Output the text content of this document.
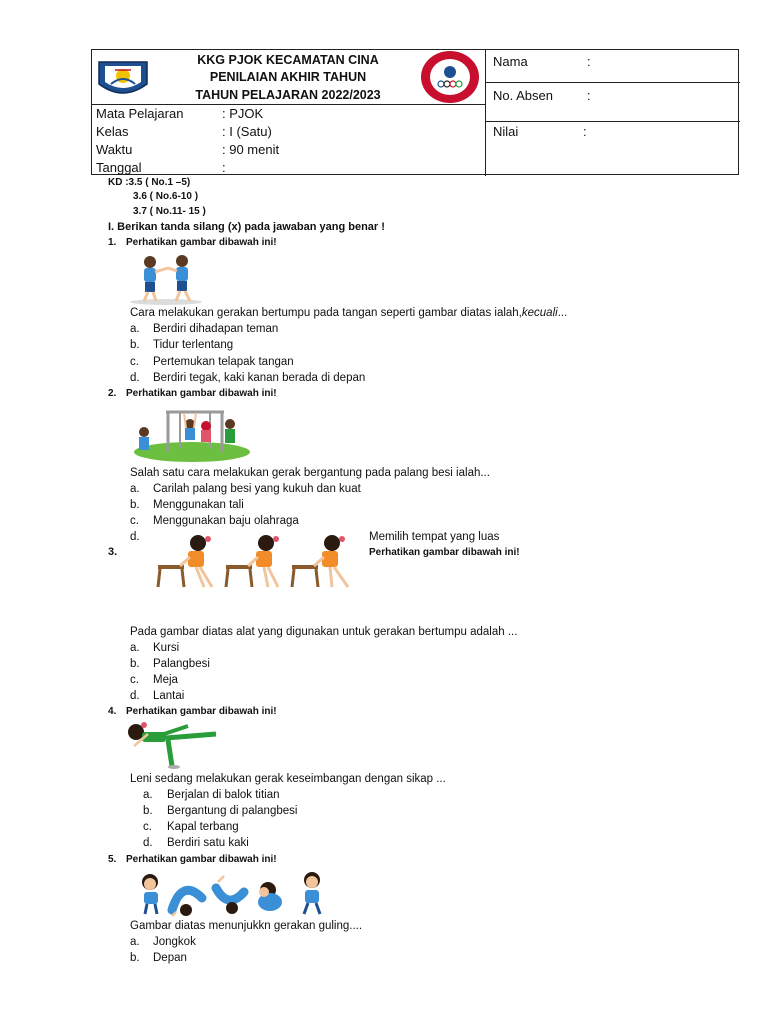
KKG PJOK KECAMATAN CINA
PENILAIAN AKHIR TAHUN
TAHUN PELAJARAN 2022/2023
Mata Pelajaran	: PJOK
Kelas	: I (Satu)
Waktu	: 90 menit
Tanggal	:
Nama	:
No. Absen	:
Nilai	:
KD :3.5 ( No.1 –5)
3.6 ( No.6-10 )
3.7 ( No.11- 15 )
I. Berikan tanda silang (x) pada jawaban yang benar !
1. Perhatikan gambar dibawah ini!
Cara melakukan gerakan bertumpu pada tangan seperti gambar diatas ialah,kecuali...
a. Berdiri dihadapan teman
b. Tidur terlentang
c. Pertemukan telapak tangan
d. Berdiri tegak, kaki kanan berada di depan
2. Perhatikan gambar dibawah ini!
Salah satu cara melakukan gerak bergantung pada palang besi ialah...
a. Carilah palang besi yang kukuh dan kuat
b. Menggunakan tali
c. Menggunakan baju olahraga
d.	Memilih tempat yang luas
3.	Perhatikan gambar dibawah ini!
Pada gambar diatas alat yang digunakan untuk gerakan bertumpu adalah ...
a. Kursi
b. Palangbesi
c. Meja
d. Lantai
4. Perhatikan gambar dibawah ini!
Leni sedang melakukan gerak keseimbangan dengan sikap ...
a. Berjalan di balok titian
b. Bergantung di palangbesi
c. Kapal terbang
d. Berdiri satu kaki
5. Perhatikan gambar dibawah ini!
Gambar diatas menunjukkn gerakan guling....
a. Jongkok
b. Depan
